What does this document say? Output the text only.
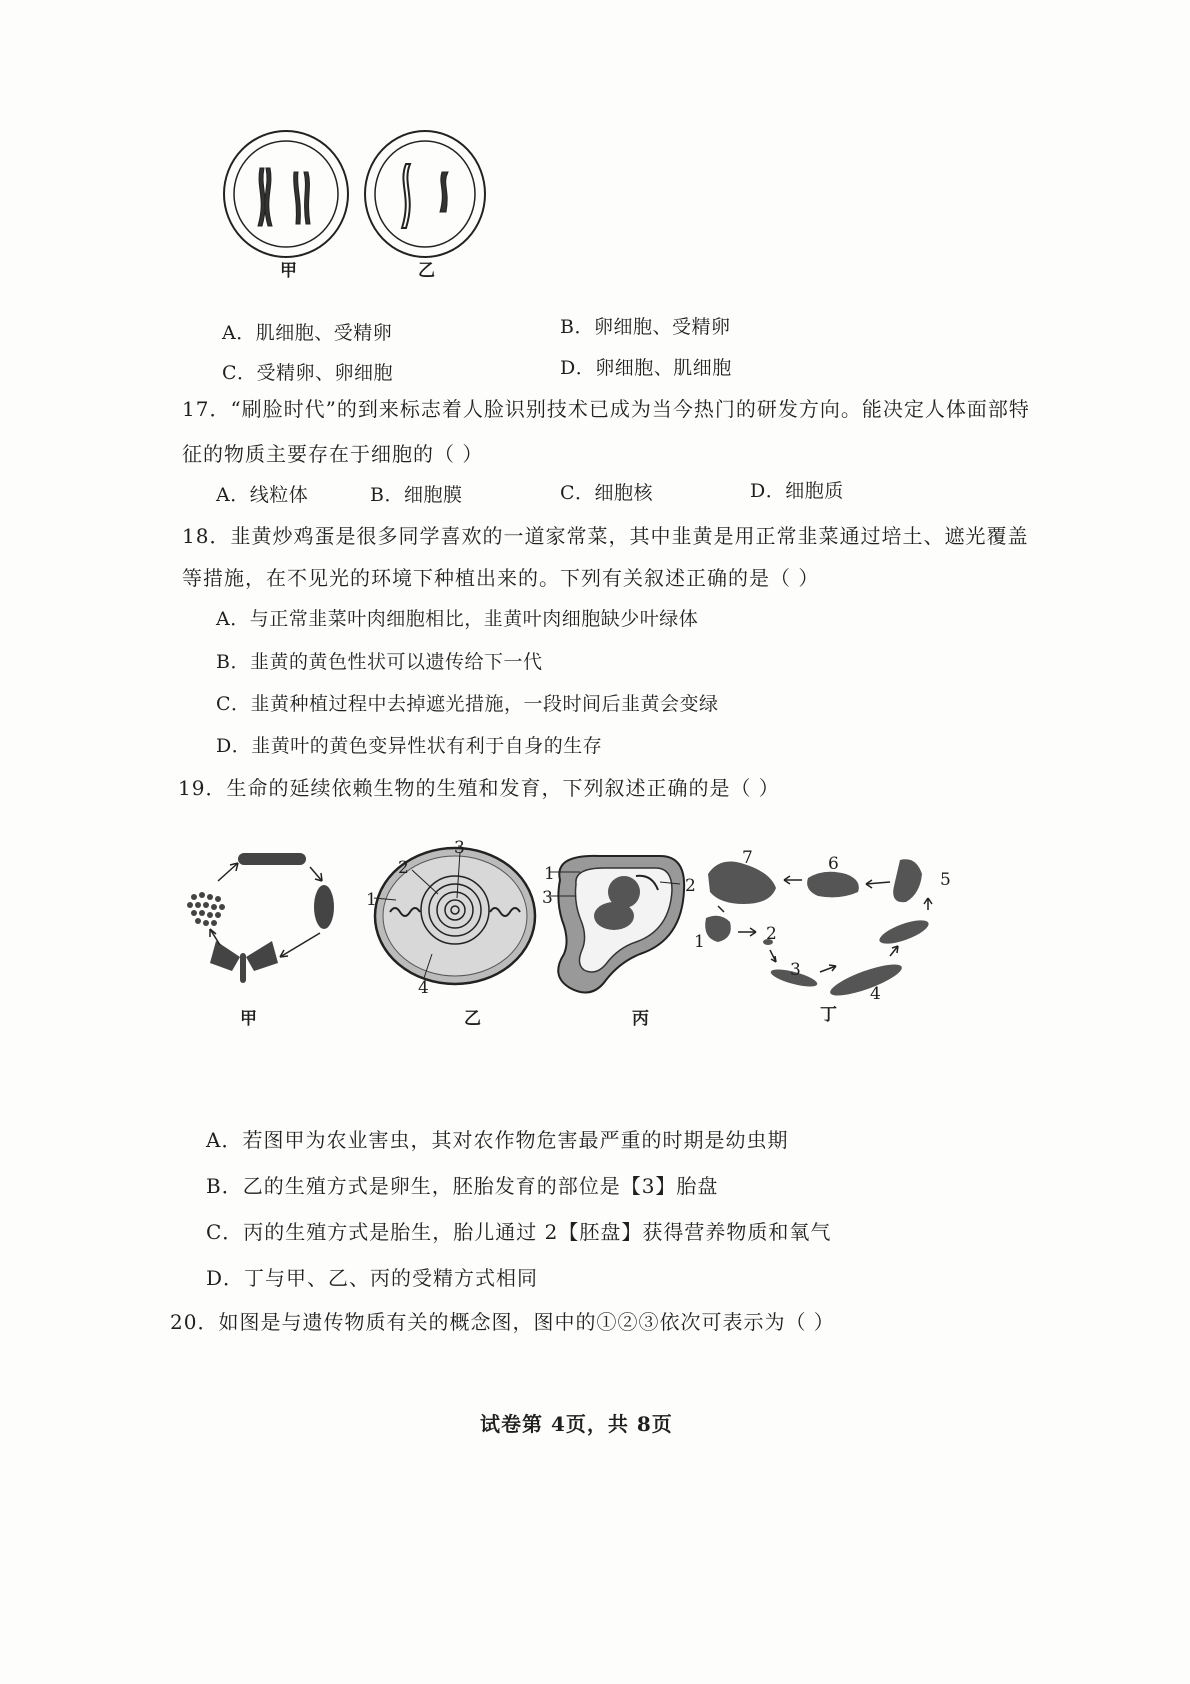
甲	乙
A．肌细胞、受精卵	B．卵细胞、受精卵
C．受精卵、卵细胞	D．卵细胞、肌细胞
17．“刷脸时代”的到来标志着人脸识别技术已成为当今热门的研发方向。能决定人体面部特
征的物质主要存在于细胞的（ ）
A．线粒体	B．细胞膜	C．细胞核	D．细胞质
18．韭黄炒鸡蛋是很多同学喜欢的一道家常菜，其中韭黄是用正常韭菜通过培土、遮光覆盖
等措施，在不见光的环境下种植出来的。下列有关叙述正确的是（ ）
A．与正常韭菜叶肉细胞相比，韭黄叶肉细胞缺少叶绿体
B．韭黄的黄色性状可以遗传给下一代
C．韭黄种植过程中去掉遮光措施，一段时间后韭黄会变绿
D．韭黄叶的黄色变异性状有利于自身的生存
19．生命的延续依赖生物的生殖和发育，下列叙述正确的是（ ）
甲
1
2
3
4
乙
1
3
2
丙
7	6
5
1	2
3
4
丁
A．若图甲为农业害虫，其对农作物危害最严重的时期是幼虫期
B．乙的生殖方式是卵生，胚胎发育的部位是【3】胎盘
C．丙的生殖方式是胎生，胎儿通过 2【胚盘】获得营养物质和氧气
D．丁与甲、乙、丙的受精方式相同
20．如图是与遗传物质有关的概念图，图中的①②③依次可表示为（ ）
试卷第 4页，共 8页
